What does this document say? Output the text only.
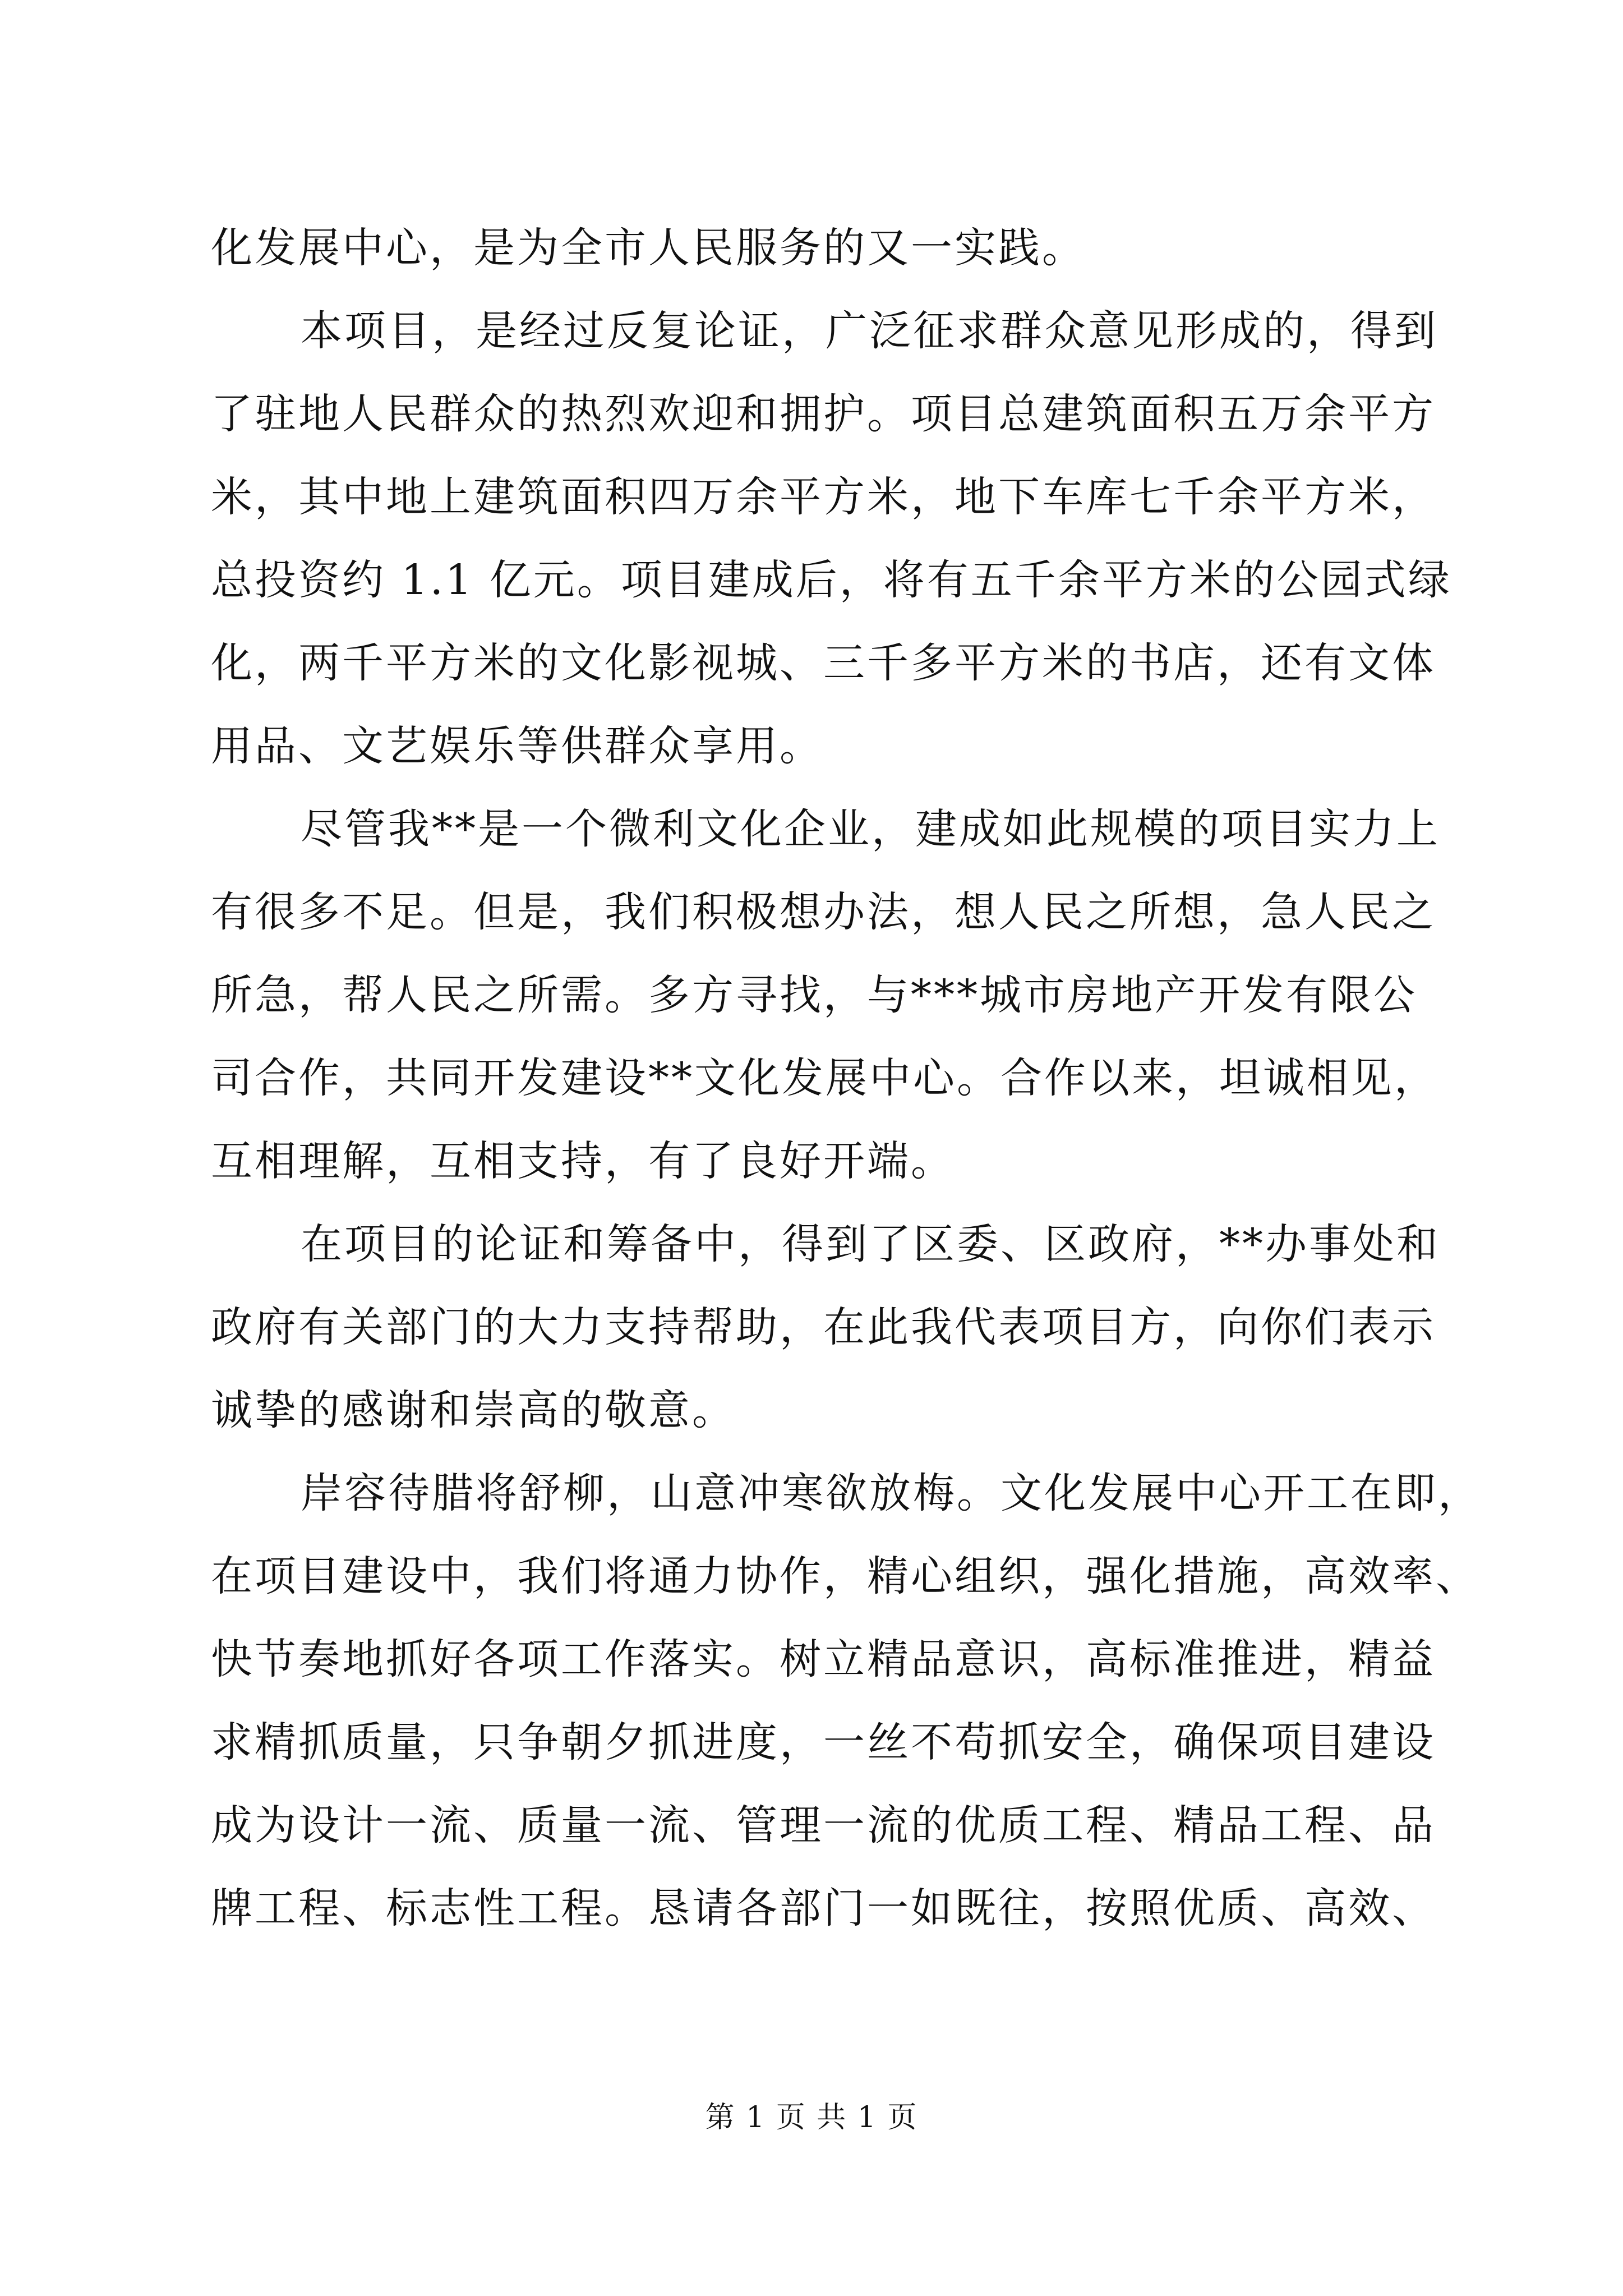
化发展中心，是为全市人民服务的又一实践。
本项目，是经过反复论证，广泛征求群众意见形成的，得到
了驻地人民群众的热烈欢迎和拥护。项目总建筑面积五万余平方
米，其中地上建筑面积四万余平方米，地下车库七千余平方米，
总投资约 1.1 亿元。项目建成后，将有五千余平方米的公园式绿
化，两千平方米的文化影视城、三千多平方米的书店，还有文体
用品、文艺娱乐等供群众享用。
尽管我**是一个微利文化企业，建成如此规模的项目实力上
有很多不足。但是，我们积极想办法，想人民之所想，急人民之
所急，帮人民之所需。多方寻找，与***城市房地产开发有限公
司合作，共同开发建设**文化发展中心。合作以来，坦诚相见，
互相理解，互相支持，有了良好开端。
在项目的论证和筹备中，得到了区委、区政府，**办事处和
政府有关部门的大力支持帮助，在此我代表项目方，向你们表示
诚挚的感谢和崇高的敬意。
岸容待腊将舒柳，山意冲寒欲放梅。文化发展中心开工在即，
在项目建设中，我们将通力协作，精心组织，强化措施，高效率、
快节奏地抓好各项工作落实。树立精品意识，高标准推进，精益
求精抓质量，只争朝夕抓进度，一丝不苟抓安全，确保项目建设
成为设计一流、质量一流、管理一流的优质工程、精品工程、品
牌工程、标志性工程。恳请各部门一如既往，按照优质、高效、
第 1 页 共 1 页
